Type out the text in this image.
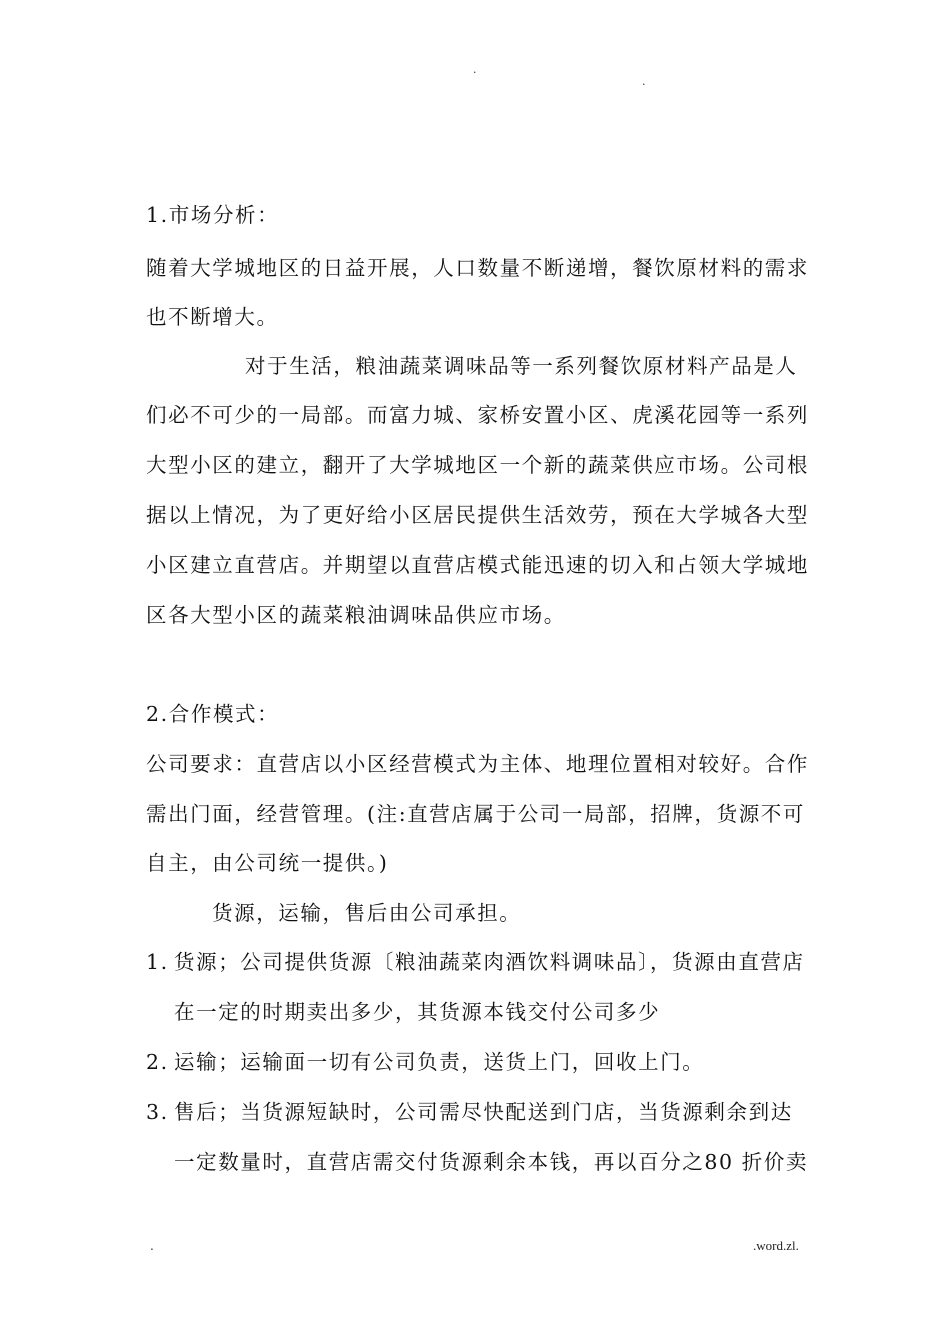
.
.
1.市场分析：
随着大学城地区的日益开展，人口数量不断递增，餐饮原材料的需求
也不断增大。
对于生活，粮油蔬菜调味品等一系列餐饮原材料产品是人
们必不可少的一局部。而富力城、家桥安置小区、虎溪花园等一系列
大型小区的建立，翻开了大学城地区一个新的蔬菜供应市场。公司根
据以上情况，为了更好给小区居民提供生活效劳，预在大学城各大型
小区建立直营店。并期望以直营店模式能迅速的切入和占领大学城地
区各大型小区的蔬菜粮油调味品供应市场。
2.合作模式：
公司要求：直营店以小区经营模式为主体、地理位置相对较好。合作
需出门面，经营管理。(注:直营店属于公司一局部，招牌，货源不可
自主，由公司统一提供。)
货源，运输，售后由公司承担。
1. 货源；公司提供货源〔粮油蔬菜肉酒饮料调味品〕，货源由直营店
在一定的时期卖出多少，其货源本钱交付公司多少
2. 运输；运输面一切有公司负责，送货上门，回收上门。
3. 售后；当货源短缺时，公司需尽快配送到门店，当货源剩余到达
一定数量时，直营店需交付货源剩余本钱，再以百分之80 折价卖
.	.word.zl.
